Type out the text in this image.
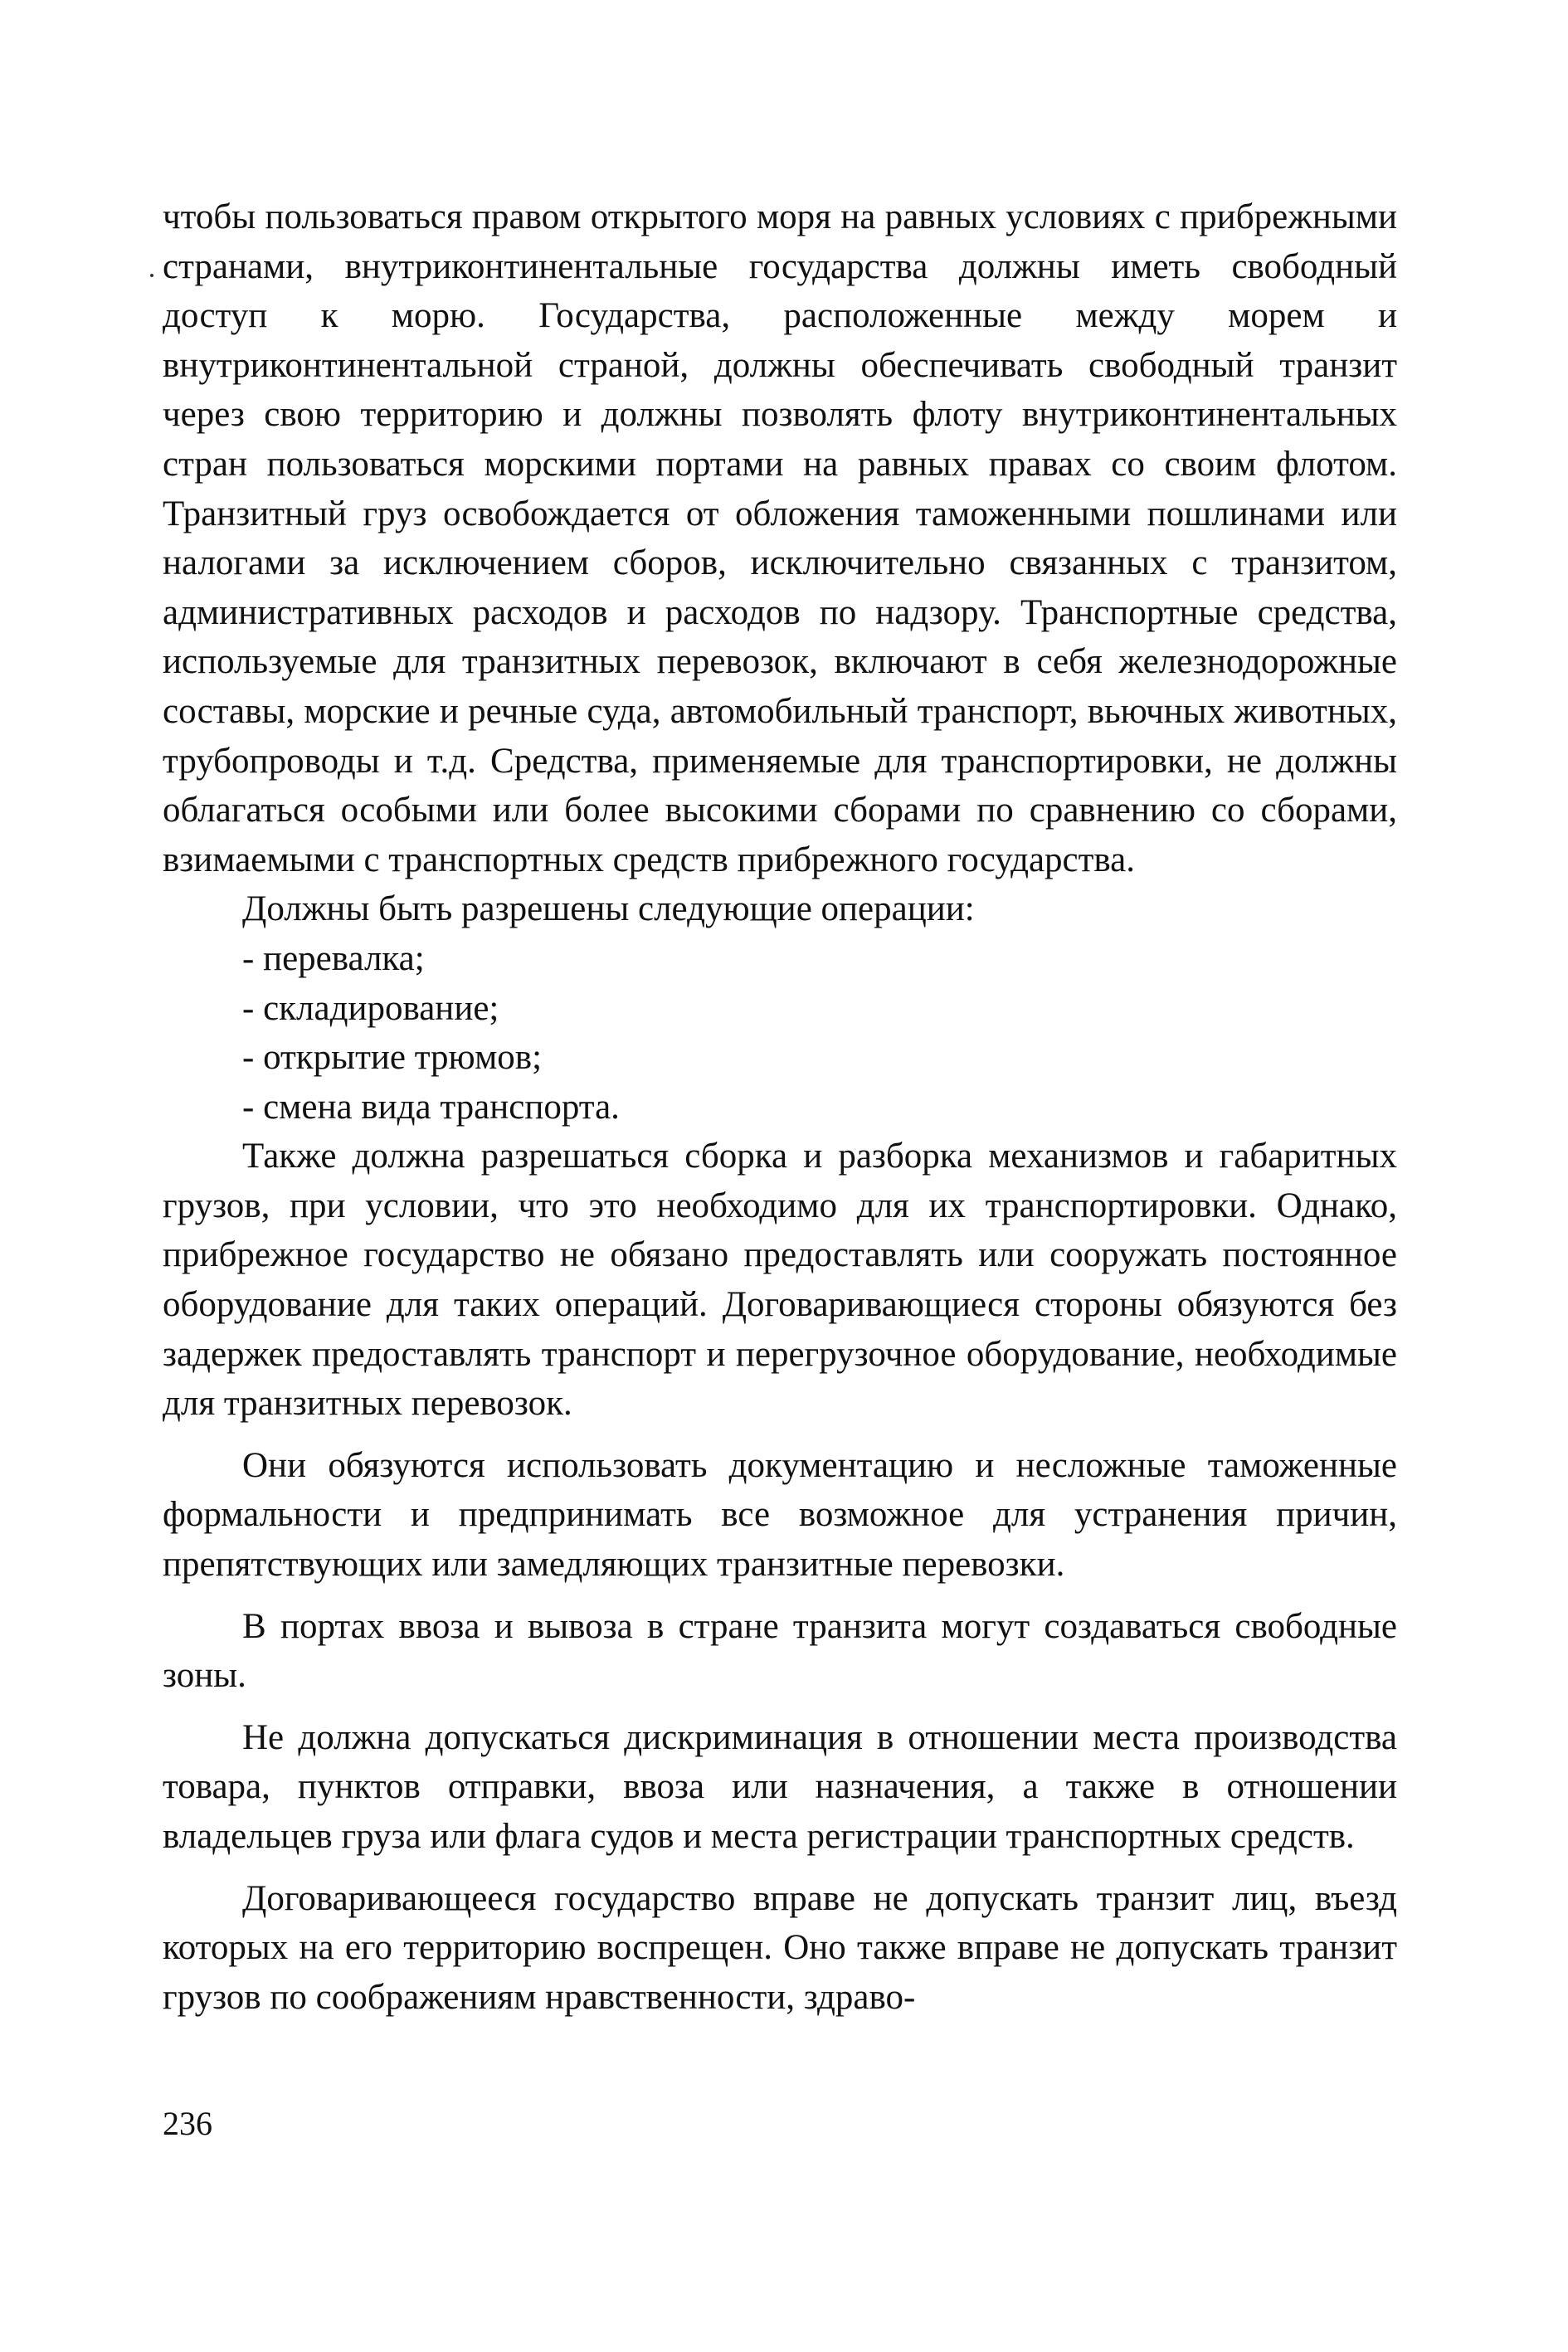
чтобы пользоваться правом открытого моря на равных условиях с прибрежными странами, внутриконтинентальные государства должны иметь свободный доступ к морю. Государства, расположенные между морем и внутриконтинентальной страной, должны обеспечивать свободный транзит через свою территорию и должны позволять флоту внутриконтинентальных стран пользоваться морскими портами на равных правах со своим флотом. Транзитный груз освобождается от обложения таможенными пошлинами или налогами за исключением сборов, исключительно связанных с транзитом, административных расходов и расходов по надзору. Транспортные средства, используемые для транзитных перевозок, включают в себя железнодорожные составы, морские и речные суда, автомобильный транспорт, вьючных животных, трубопроводы и т.д. Средства, применяемые для транспортировки, не должны облагаться особыми или более высокими сборами по сравнению со сборами, взимаемыми с транспортных средств прибрежного государства.

Должны быть разрешены следующие операции:

- перевалка;

- складирование;

- открытие трюмов;

- смена вида транспорта.

Также должна разрешаться сборка и разборка механизмов и габаритных грузов, при условии, что это необходимо для их транспортировки. Однако, прибрежное государство не обязано предоставлять или сооружать постоянное оборудование для таких операций. Договаривающиеся стороны обязуются без задержек предоставлять транспорт и перегрузочное оборудование, необходимые для транзитных перевозок.

Они обязуются использовать документацию и несложные таможенные формальности и предпринимать все возможное для устранения причин, препятствующих или замедляющих транзитные перевозки.

В портах ввоза и вывоза в стране транзита могут создаваться свободные зоны.

Не должна допускаться дискриминация в отношении места производства товара, пунктов отправки, ввоза или назначения, а также в отношении владельцев груза или флага судов и места регистрации транспортных средств.

Договаривающееся государство вправе не допускать транзит лиц, въезд которых на его территорию воспрещен. Оно также вправе не допускать транзит грузов по соображениям нравственности, здраво-

236
